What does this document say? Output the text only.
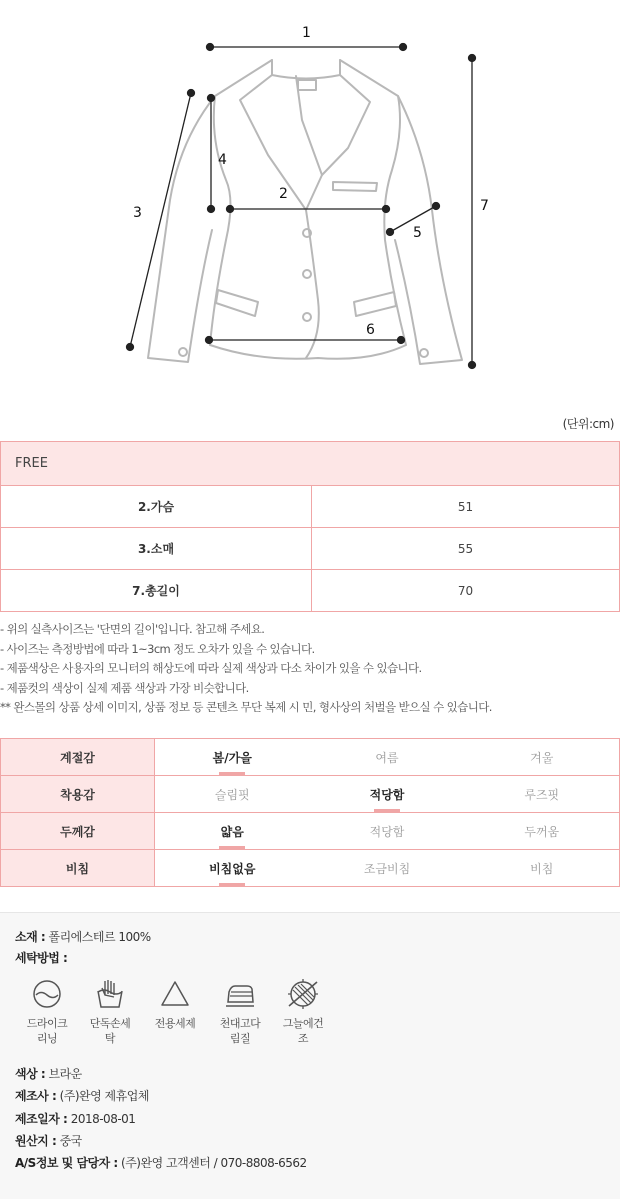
1
2
3
4
5
6
7
(단위:cm)
FREE	
2.가슴	51
3.소매	55
7.총길이	70
- 위의 실측사이즈는 '단면의 길이'입니다. 참고해 주세요.
- 사이즈는 측정방법에 따라 1~3cm 정도 오차가 있을 수 있습니다.
- 제품색상은 사용자의 모니터의 해상도에 따라 실제 색상과 다소 차이가 있을 수 있습니다.
- 제품컷의 색상이 실제 제품 색상과 가장 비슷합니다.
** 완스몰의 상품 상세 이미지, 상품 정보 등 콘텐츠 무단 복제 시 민, 형사상의 처벌을 받으실 수 있습니다.
계절감	봄/가을	여름	겨울
착용감	슬림핏	적당함	루즈핏
두께감	얇음	적당함	두꺼움
비침	비침없음	조금비침	비침
소재 : 폴리에스테르 100%
세탁방법 :
드라이크
리닝
단독손세
탁
전용세제	천대고다
림질
그늘에건
조
색상 : 브라운
제조사 : (주)완영 제휴업체
제조일자 : 2018-08-01
원산지 : 중국
A/S정보 및 담당자 : (주)완영 고객센터 / 070-8808-6562
